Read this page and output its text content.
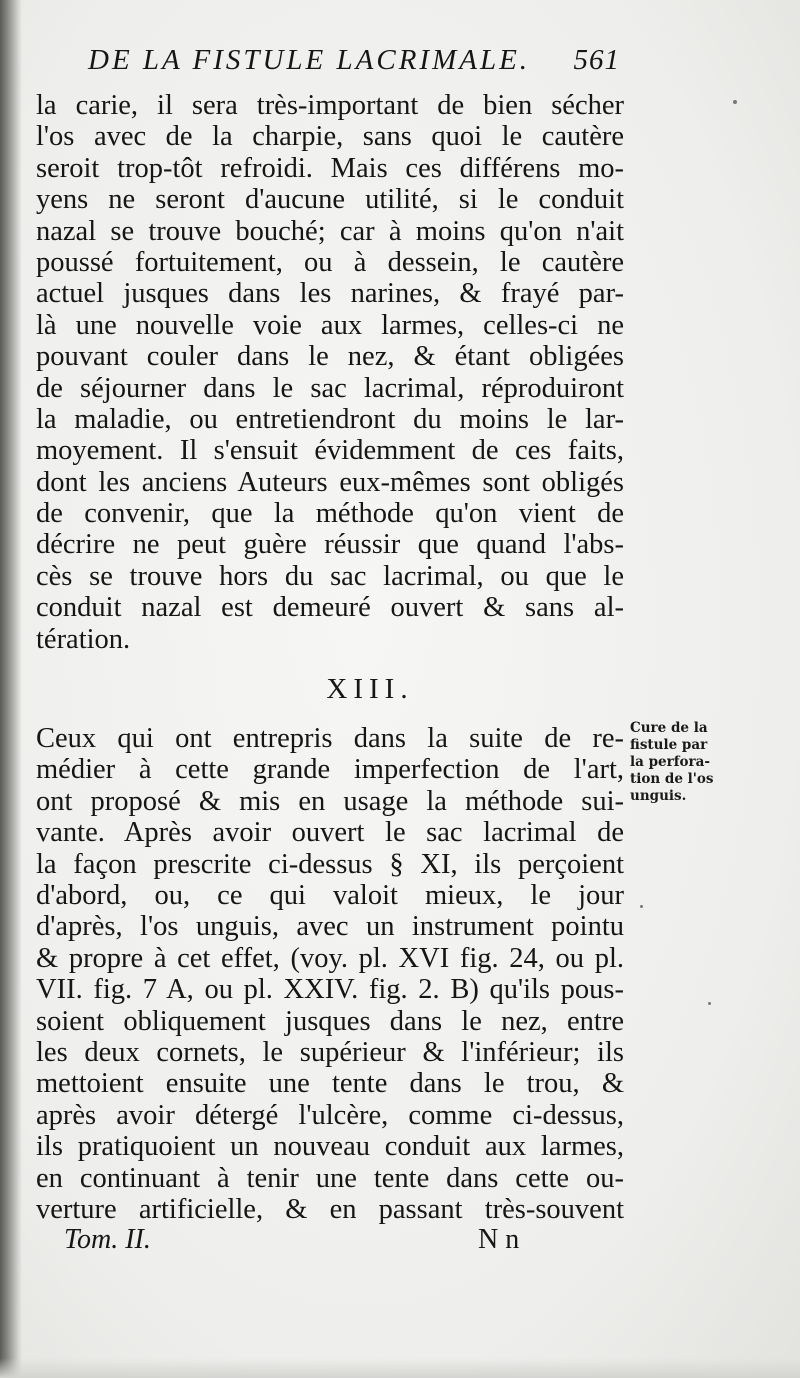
DE LA FISTULE LACRIMALE. 561
la carie, il sera très-important de bien sécher
l'os avec de la charpie, sans quoi le cautère
seroit trop-tôt refroidi. Mais ces différens mo-
yens ne seront d'aucune utilité, si le conduit
nazal se trouve bouché; car à moins qu'on n'ait
poussé fortuitement, ou à dessein, le cautère
actuel jusques dans les narines, & frayé par-
là une nouvelle voie aux larmes, celles-ci ne
pouvant couler dans le nez, & étant obligées
de séjourner dans le sac lacrimal, réproduiront
la maladie, ou entretiendront du moins le lar-
moyement. Il s'ensuit évidemment de ces faits,
dont les anciens Auteurs eux-mêmes sont obligés
de convenir, que la méthode qu'on vient de
décrire ne peut guère réussir que quand l'abs-
cès se trouve hors du sac lacrimal, ou que le
conduit nazal est demeuré ouvert & sans al-
tération.
XIII.
Ceux qui ont entrepris dans la suite de re-
médier à cette grande imperfection de l'art,
ont proposé & mis en usage la méthode sui-
vante. Après avoir ouvert le sac lacrimal de
la façon prescrite ci-dessus § XI, ils perçoient
d'abord, ou, ce qui valoit mieux, le jour
d'après, l'os unguis, avec un instrument pointu
& propre à cet effet, (voy. pl. XVI fig. 24, ou pl.
VII. fig. 7 A, ou pl. XXIV. fig. 2. B) qu'ils pous-
soient obliquement jusques dans le nez, entre
les deux cornets, le supérieur & l'inférieur; ils
mettoient ensuite une tente dans le trou, &
après avoir détergé l'ulcère, comme ci-dessus,
ils pratiquoient un nouveau conduit aux larmes,
en continuant à tenir une tente dans cette ou-
verture artificielle, & en passant très-souvent
Cure de la
fistule par
la perfora-
tion de l'os
unguis.
Tom. II.	N n
